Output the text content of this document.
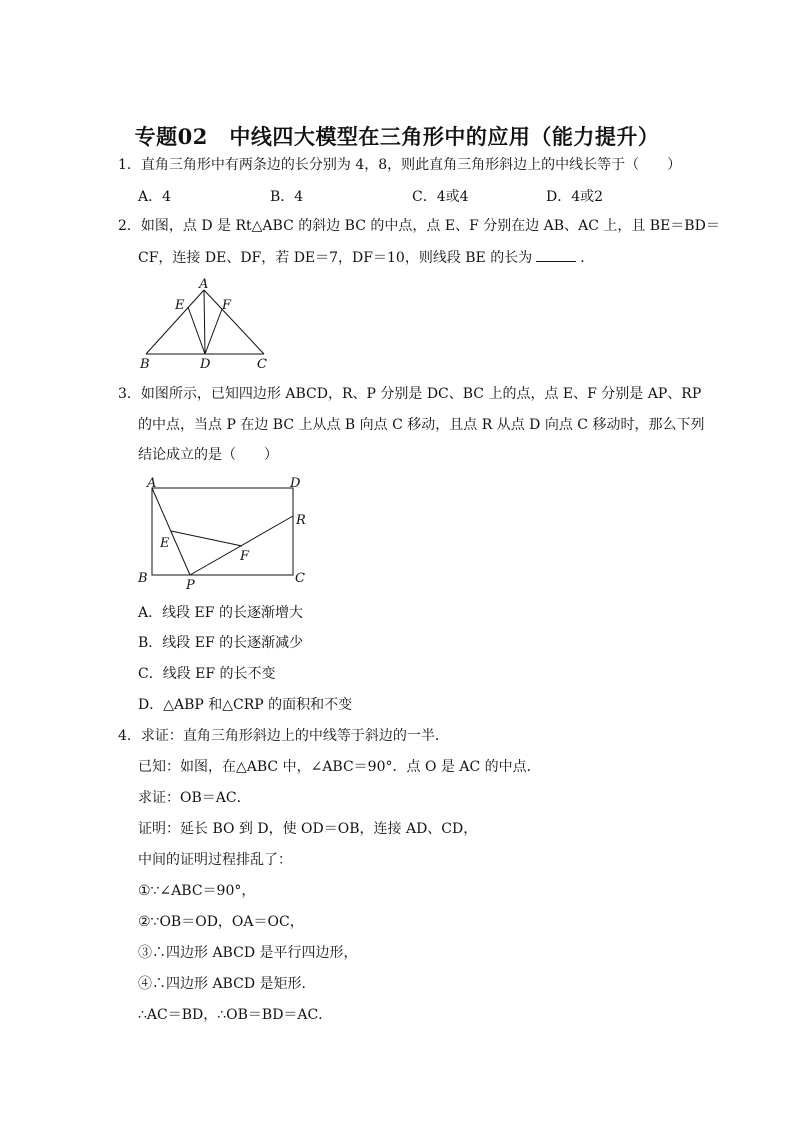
专题02　中线四大模型在三角形中的应用（能力提升）
1．直角三角形中有两条边的长分别为 4，8，则此直角三角形斜边上的中线长等于（　　）
A．4	B．4	C．4或4	D．4或2
2．如图，点 D 是 Rt△ABC 的斜边 BC 的中点，点 E、F 分别在边 AB、AC 上，且 BE＝BD＝
CF，连接 DE、DF，若 DE＝7，DF＝10，则线段 BE 的长为	．
A
B	C
D
E	F
3．如图所示，已知四边形 ABCD，R、P 分别是 DC、BC 上的点，点 E、F 分别是 AP、RP
的中点，当点 P 在边 BC 上从点 B 向点 C 移动，且点 R 从点 D 向点 C 移动时，那么下列
结论成立的是（　　）
A	D
B	C
E
F
P
R
A．线段 EF 的长逐渐增大
B．线段 EF 的长逐渐减少
C．线段 EF 的长不变
D．△ABP 和△CRP 的面积和不变
4．求证：直角三角形斜边上的中线等于斜边的一半．
已知：如图，在△ABC 中，∠ABC＝90°．点 O 是 AC 的中点．
求证：OB＝AC．
证明：延长 BO 到 D，使 OD＝OB，连接 AD、CD，
中间的证明过程排乱了：
①∵∠ABC＝90°，
②∵OB＝OD，OA＝OC，
③∴四边形 ABCD 是平行四边形，
④∴四边形 ABCD 是矩形．
∴AC＝BD，∴OB＝BD＝AC．
